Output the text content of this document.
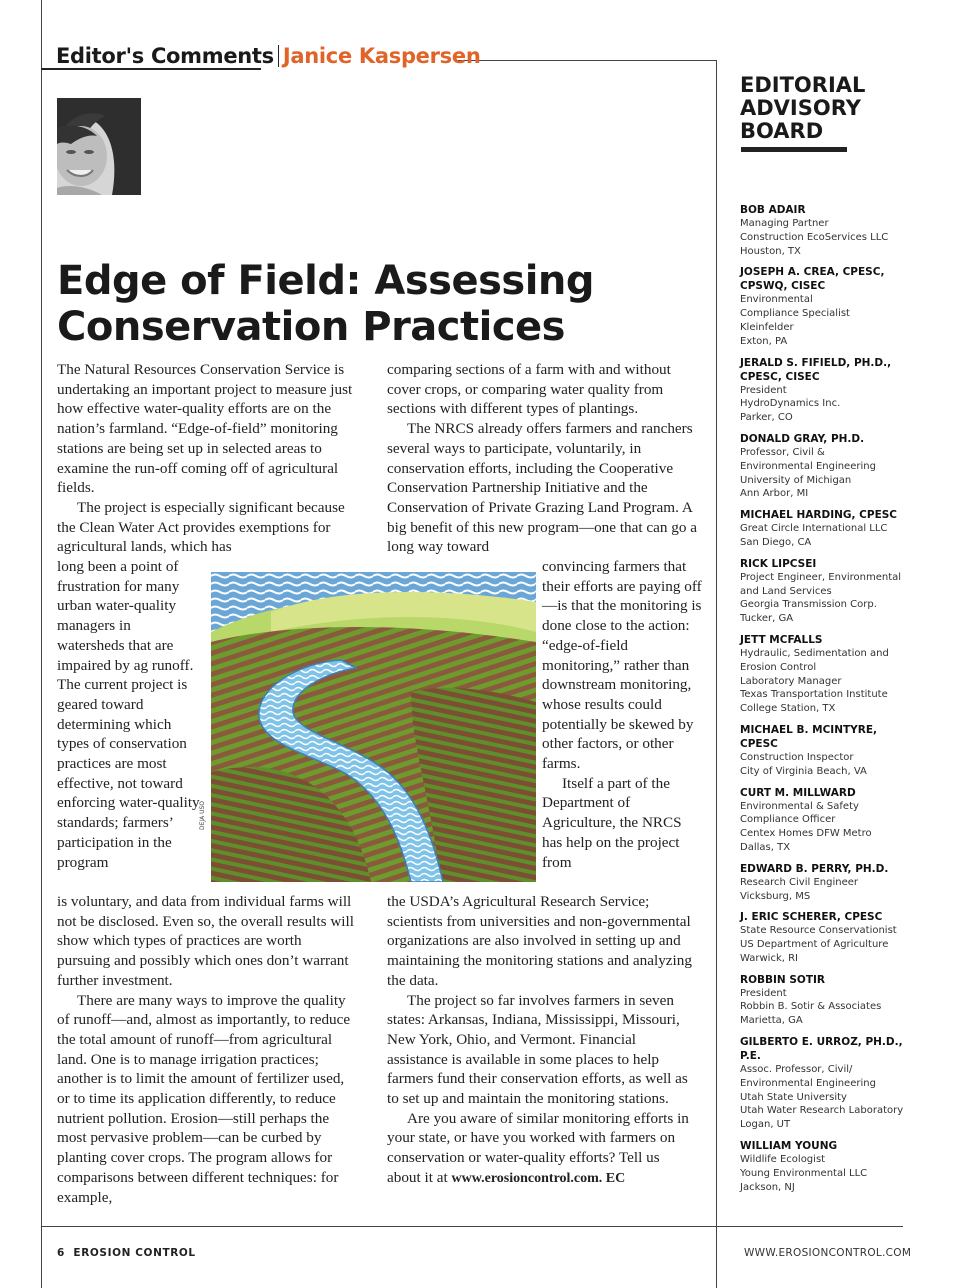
Editor's Comments Janice Kaspersen
Edge of Field: Assessing
Conservation Practices

The Natural Resources Conservation Service is undertaking an important project to measure just how effective water-quality efforts are on the nation’s farmland. “Edge-of-field” monitoring stations are being set up in selected areas to examine the run-off coming off of agricultural fields.

The project is especially significant because the Clean Water Act provides exemptions for agricultural lands, which has

long been a point of frustration for many urban water-quality managers in watersheds that are impaired by ag runoff. The current project is geared toward determining which types of conservation practices are most effective, not toward enforcing water-quality standards; farmers’ participation in the program

is voluntary, and data from individual farms will not be disclosed. Even so, the overall results will show which types of practices are worth pursuing and possibly which ones don’t warrant further investment.

There are many ways to improve the quality of runoff—and, almost as importantly, to reduce the total amount of runoff—from agricultural land. One is to manage irrigation practices; another is to limit the amount of fertilizer used, or to time its application differently, to reduce nutrient pollution. Erosion—still perhaps the most pervasive problem—can be curbed by planting cover crops. The program allows for comparisons between different techniques: for example,

comparing sections of a farm with and without cover crops, or comparing water quality from sections with different types of plantings.

The NRCS already offers farmers and ranchers several ways to participate, voluntarily, in conservation efforts, including the Cooperative Conservation Partnership Initiative and the Conservation of Private Grazing Land Program. A big benefit of this new program—one that can go a long way toward

convincing farmers that their efforts are paying off—is that the monitoring is done close to the action: “edge-of-field monitoring,” rather than downstream monitoring, whose results could potentially be skewed by other factors, or other farms.

Itself a part of the Department of Agriculture, the NRCS has help on the project from

the USDA’s Agricultural Research Service; scientists from universities and non-governmental organizations are also involved in setting up and maintaining the monitoring stations and analyzing the data.

The project so far involves farmers in seven states: Arkansas, Indiana, Mississippi, Missouri, New York, Ohio, and Vermont. Financial assistance is available in some places to help farmers fund their conservation efforts, as well as to set up and maintain the monitoring stations.

Are you aware of similar monitoring efforts in your state, or have you worked with farmers on conservation or water-quality efforts? Tell us about it at www.erosioncontrol.com. EC

DEJA USO
EDITORIAL
ADVISORY
BOARD
BOB ADAIR
Managing Partner
Construction EcoServices LLC
Houston, TX
JOSEPH A. CREA, CPESC, CPSWQ, CISEC
Environmental
Compliance Specialist
Kleinfelder
Exton, PA
JERALD S. FIFIELD, PH.D., CPESC, CISEC
President
HydroDynamics Inc.
Parker, CO
DONALD GRAY, PH.D.
Professor, Civil &
Environmental Engineering
University of Michigan
Ann Arbor, MI
MICHAEL HARDING, CPESC
Great Circle International LLC
San Diego, CA
RICK LIPCSEI
Project Engineer, Environmental
and Land Services
Georgia Transmission Corp.
Tucker, GA
JETT MCFALLS
Hydraulic, Sedimentation and
Erosion Control
Laboratory Manager
Texas Transportation Institute
College Station, TX
MICHAEL B. MCINTYRE, CPESC
Construction Inspector
City of Virginia Beach, VA
CURT M. MILLWARD
Environmental & Safety
Compliance Officer
Centex Homes DFW Metro
Dallas, TX
EDWARD B. PERRY, PH.D.
Research Civil Engineer
Vicksburg, MS
J. ERIC SCHERER, CPESC
State Resource Conservationist
US Department of Agriculture
Warwick, RI
ROBBIN SOTIR
President
Robbin B. Sotir & Associates
Marietta, GA
GILBERTO E. URROZ, PH.D., P.E.
Assoc. Professor, Civil/
Environmental Engineering
Utah State University
Utah Water Research Laboratory
Logan, UT
WILLIAM YOUNG
Wildlife Ecologist
Young Environmental LLC
Jackson, NJ
6 EROSION CONTROL	WWW.EROSIONCONTROL.COM
